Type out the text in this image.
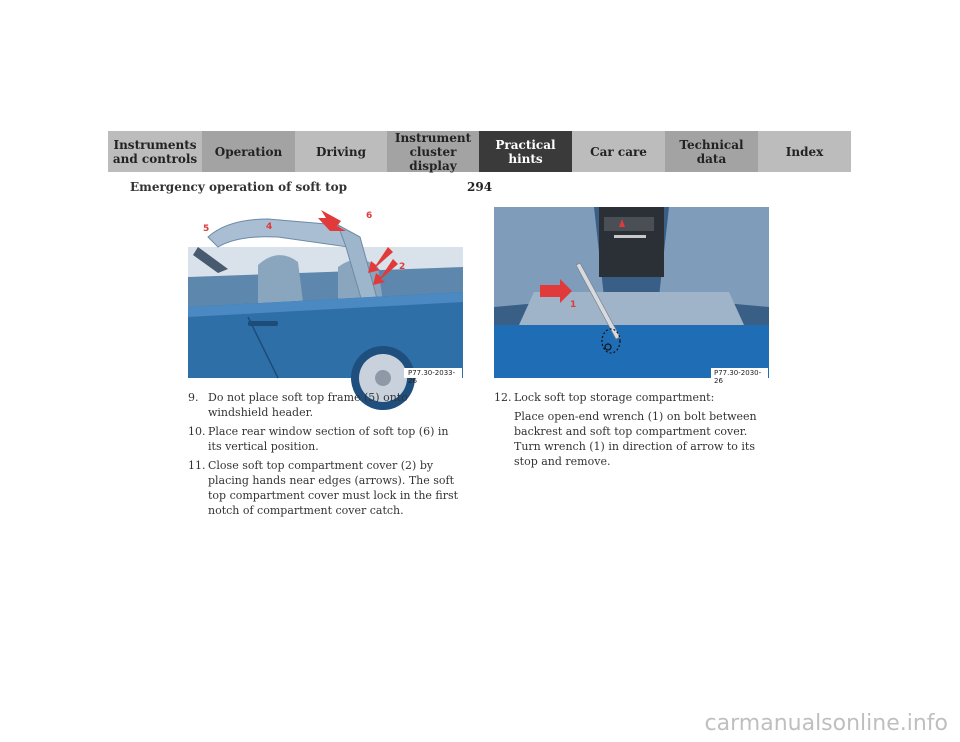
Instruments
and controls	Operation	Driving
Instrument
cluster display
Practical hints	Car care	Technical
data	Index
Emergency operation of soft top	294
5	4
6
2
P77.30-2033-26
1
P77.30-2030-26
9. Do not place soft top frame (5) onto windshield header.
10. Place rear window section of soft top (6) in its vertical position.
11. Close soft top compartment cover (2) by placing hands near edges (arrows). The soft top compartment cover must lock in the first notch of compartment cover catch.
12. Lock soft top storage compartment:

Place open-end wrench (1) on bolt between backrest and soft top compartment cover. Turn wrench (1) in direction of arrow to its stop and remove.

carmanualsonline.info
